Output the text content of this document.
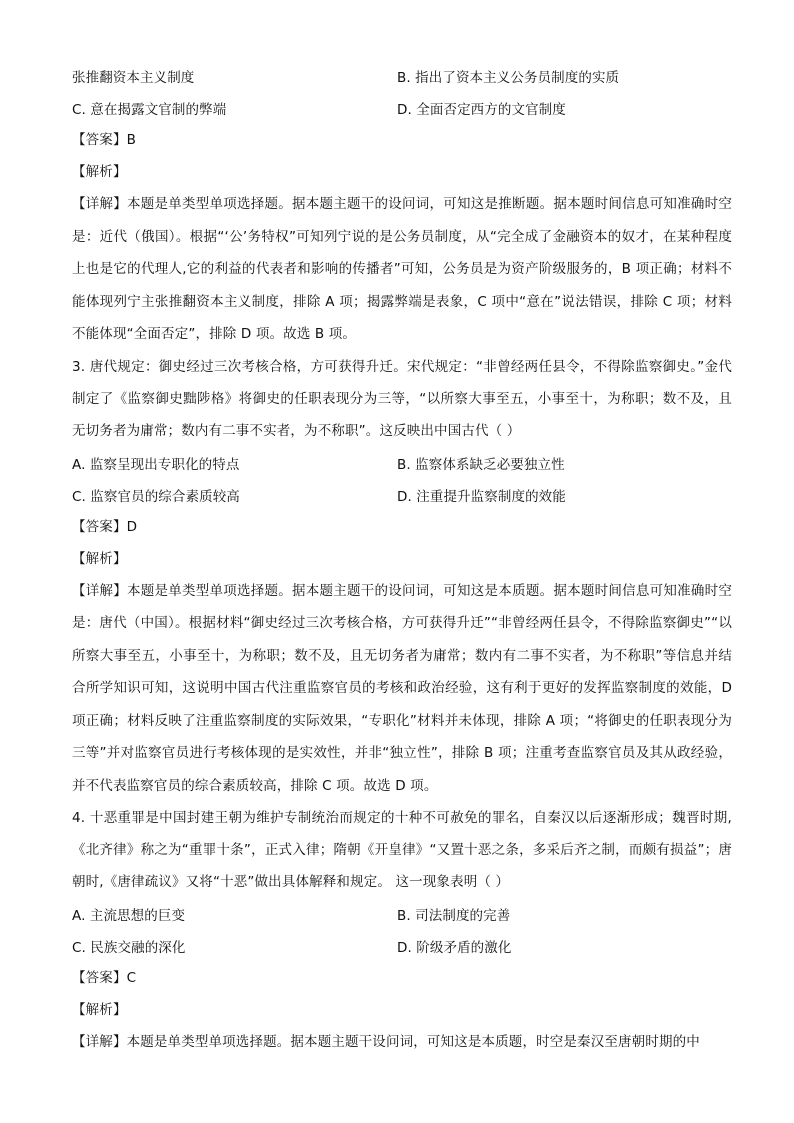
张推翻资本主义制度	B. 指出了资本主义公务员制度的实质
C. 意在揭露文官制的弊端	D. 全面否定西方的文官制度
【答案】B
【解析】
【详解】本题是单类型单项选择题。据本题主题干的设问词，可知这是推断题。据本题时间信息可知准确时空是：近代（俄国）。根据“‘公’务特权”可知列宁说的是公务员制度，从“完全成了金融资本的奴才，在某种程度上也是它的代理人,它的利益的代表者和影响的传播者”可知，公务员是为资产阶级服务的，B 项正确；材料不能体现列宁主张推翻资本主义制度，排除 A 项；揭露弊端是表象，C 项中“意在”说法错误，排除 C 项；材料不能体现“全面否定”，排除 D 项。故选 B 项。
3. 唐代规定：御史经过三次考核合格，方可获得升迁。宋代规定：“非曾经两任县令，不得除监察御史。”金代制定了《监察御史黜陟格》将御史的任职表现分为三等，“以所察大事至五，小事至十，为称职；数不及，且无切务者为庸常；数内有二事不实者，为不称职”。这反映出中国古代（ ）
A. 监察呈现出专职化的特点	B. 监察体系缺乏必要独立性
C. 监察官员的综合素质较高	D. 注重提升监察制度的效能
【答案】D
【解析】
【详解】本题是单类型单项选择题。据本题主题干的设问词，可知这是本质题。据本题时间信息可知准确时空是：唐代（中国）。根据材料“御史经过三次考核合格，方可获得升迁”“非曾经两任县令，不得除监察御史”“以所察大事至五，小事至十，为称职；数不及，且无切务者为庸常；数内有二事不实者，为不称职”等信息并结合所学知识可知，这说明中国古代注重监察官员的考核和政治经验，这有利于更好的发挥监察制度的效能，D 项正确；材料反映了注重监察制度的实际效果，“专职化”材料并未体现，排除 A 项；“将御史的任职表现分为三等”并对监察官员进行考核体现的是实效性，并非“独立性”，排除 B 项；注重考查监察官员及其从政经验，并不代表监察官员的综合素质较高，排除 C 项。故选 D 项。
4. 十恶重罪是中国封建王朝为维护专制统治而规定的十种不可赦免的罪名，自秦汉以后逐渐形成；魏晋时期,《北齐律》称之为“重罪十条”，正式入律；隋朝《开皇律》“又置十恶之条，多采后齐之制，而颇有损益”；唐朝时,《唐律疏议》又将“十恶”做出具体解释和规定。 这一现象表明（ ）
A. 主流思想的巨变	B. 司法制度的完善
C. 民族交融的深化	D. 阶级矛盾的激化
【答案】C
【解析】
【详解】本题是单类型单项选择题。据本题主题干设问词，可知这是本质题，时空是秦汉至唐朝时期的中
